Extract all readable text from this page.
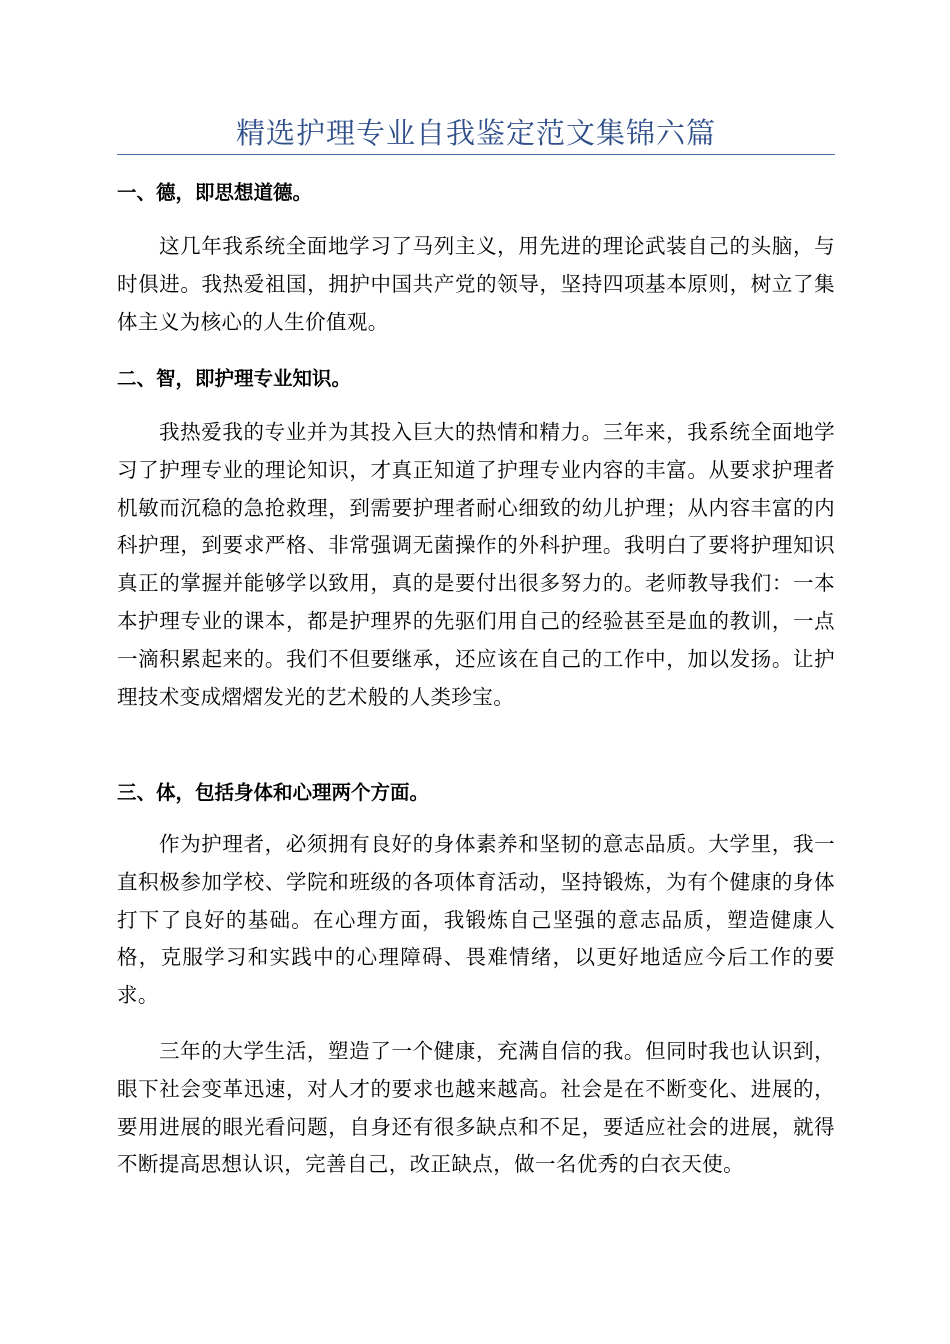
精选护理专业自我鉴定范文集锦六篇
一、德，即思想道德。

这几年我系统全面地学习了马列主义，用先进的理论武装自己的头脑，与时俱进。我热爱祖国，拥护中国共产党的领导，坚持四项基本原则，树立了集体主义为核心的人生价值观。

二、智，即护理专业知识。

我热爱我的专业并为其投入巨大的热情和精力。三年来，我系统全面地学习了护理专业的理论知识，才真正知道了护理专业内容的丰富。从要求护理者机敏而沉稳的急抢救理，到需要护理者耐心细致的幼儿护理；从内容丰富的内科护理，到要求严格、非常强调无菌操作的外科护理。我明白了要将护理知识真正的掌握并能够学以致用，真的是要付出很多努力的。老师教导我们：一本本护理专业的课本，都是护理界的先驱们用自己的经验甚至是血的教训，一点一滴积累起来的。我们不但要继承，还应该在自己的工作中，加以发扬。让护理技术变成熠熠发光的艺术般的人类珍宝。

三、体，包括身体和心理两个方面。

作为护理者，必须拥有良好的身体素养和坚韧的意志品质。大学里，我一直积极参加学校、学院和班级的各项体育活动，坚持锻炼，为有个健康的身体打下了良好的基础。在心理方面，我锻炼自己坚强的意志品质，塑造健康人格，克服学习和实践中的心理障碍、畏难情绪，以更好地适应今后工作的要求。

三年的大学生活，塑造了一个健康，充满自信的我。但同时我也认识到，眼下社会变革迅速，对人才的要求也越来越高。社会是在不断变化、进展的，要用进展的眼光看问题，自身还有很多缺点和不足，要适应社会的进展，就得不断提高思想认识，完善自己，改正缺点，做一名优秀的白衣天使。
